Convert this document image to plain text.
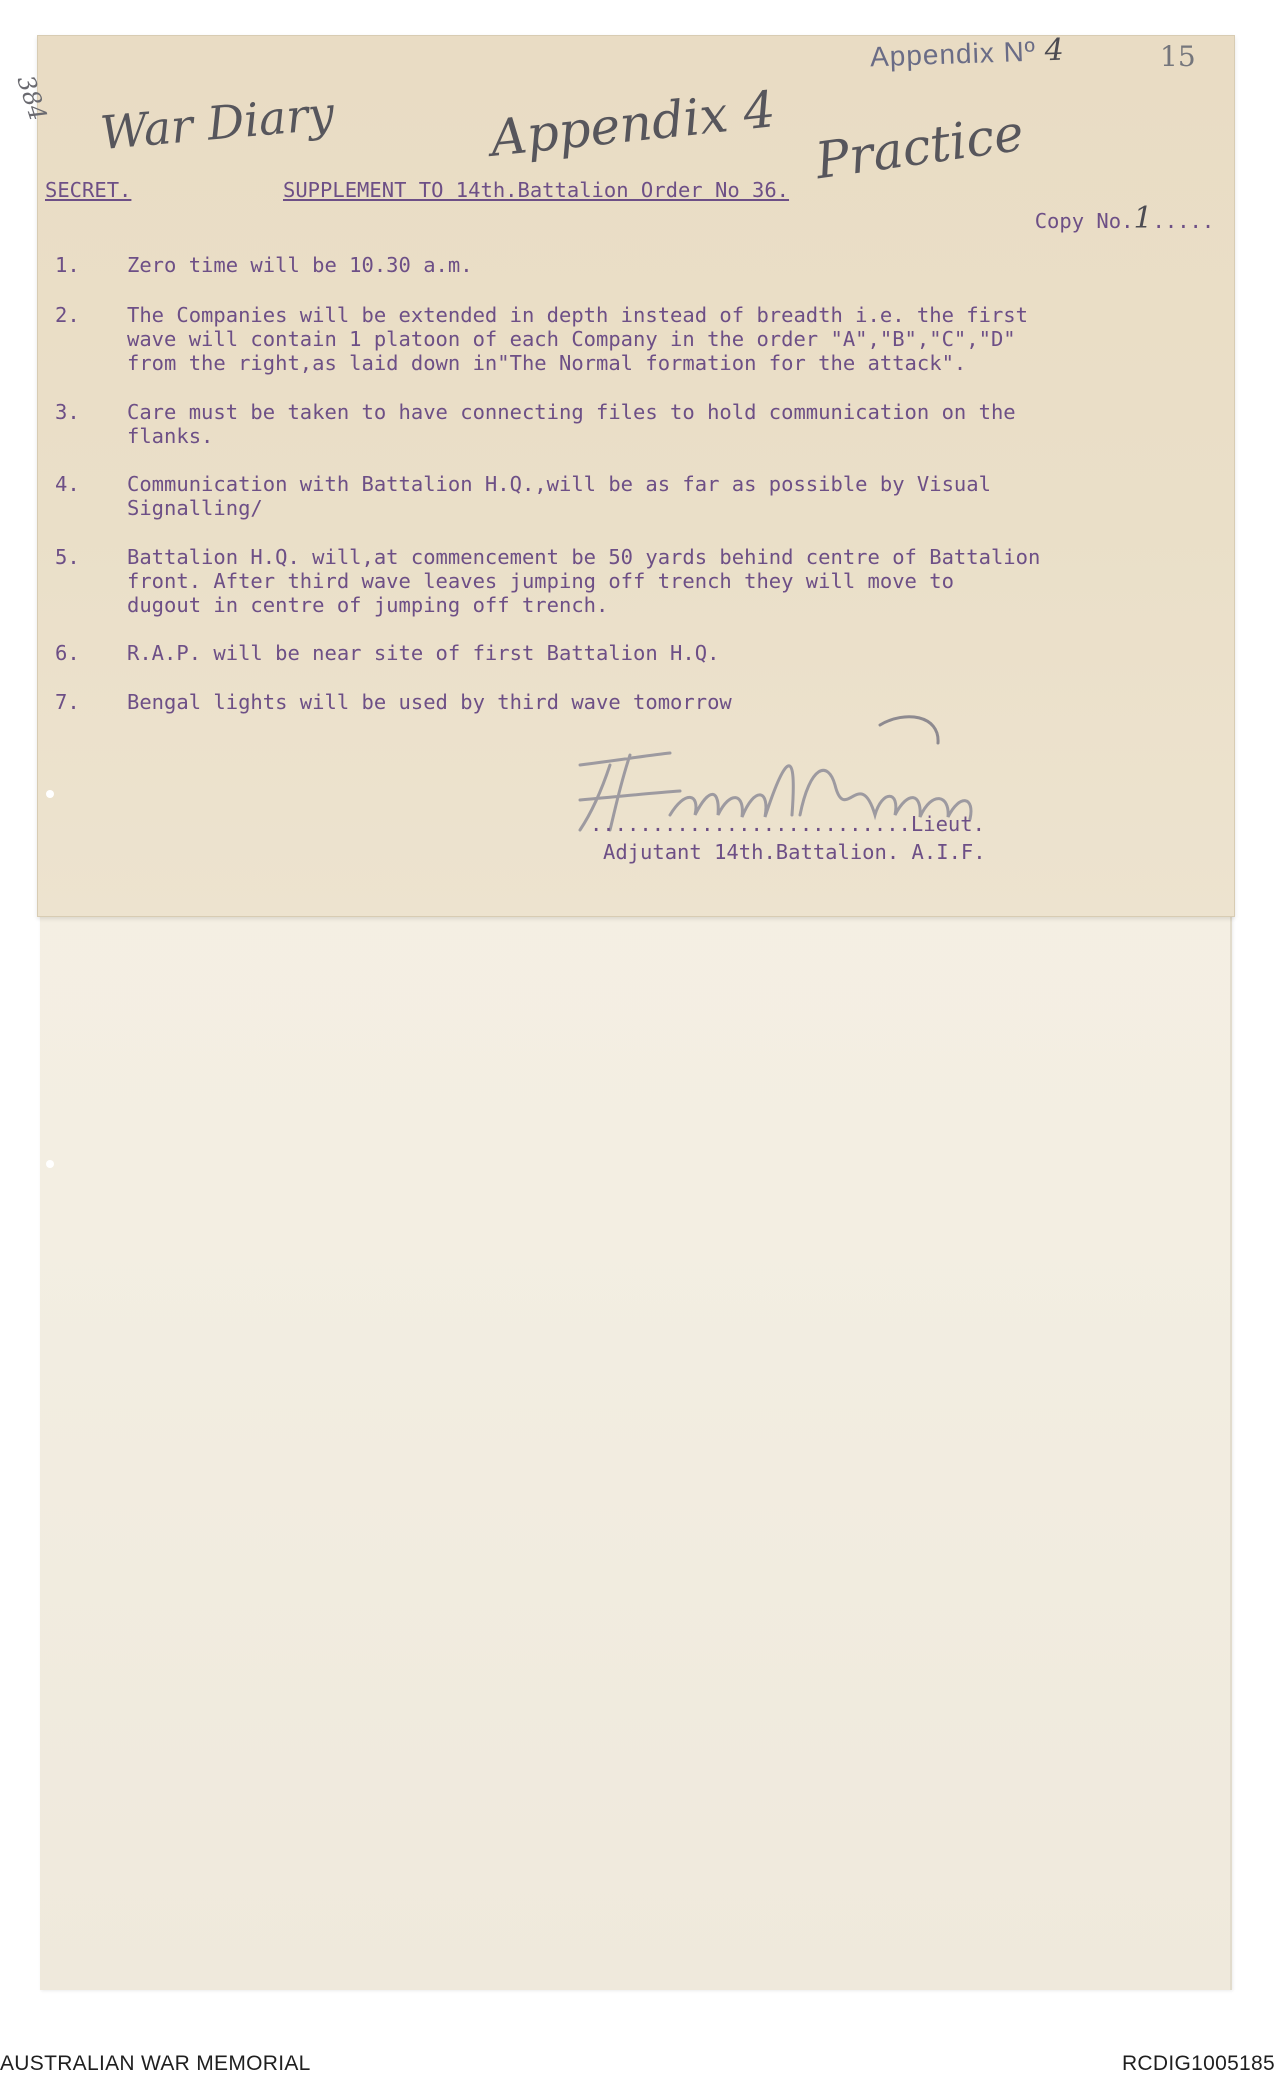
Appendix Nº 4	15
384 War Diary	Appendix 4 Practice
SECRET.	SUPPLEMENT TO 14th.Battalion Order No 36.

Copy No.1.....

1. Zero time will be 10.30 a.m.
2. The Companies will be extended in depth instead of breadth i.e. the first
wave will contain 1 platoon of each Company in the order "A","B","C","D"
from the right,as laid down in"The Normal formation for the attack".
3. Care must be taken to have connecting files to hold communication on the
flanks.
4. Communication with Battalion H.Q.,will be as far as possible by Visual
Signalling/
5. Battalion H.Q. will,at commencement be 50 yards behind centre of Battalion
front. After third wave leaves jumping off trench they will move to
dugout in centre of jumping off trench.
6. R.A.P. will be near site of first Battalion H.Q.
7. Bengal lights will be used by third wave tomorrow
..........................Lieut.
Adjutant 14th.Battalion. A.I.F.
AUSTRALIAN WAR MEMORIAL	RCDIG1005185
